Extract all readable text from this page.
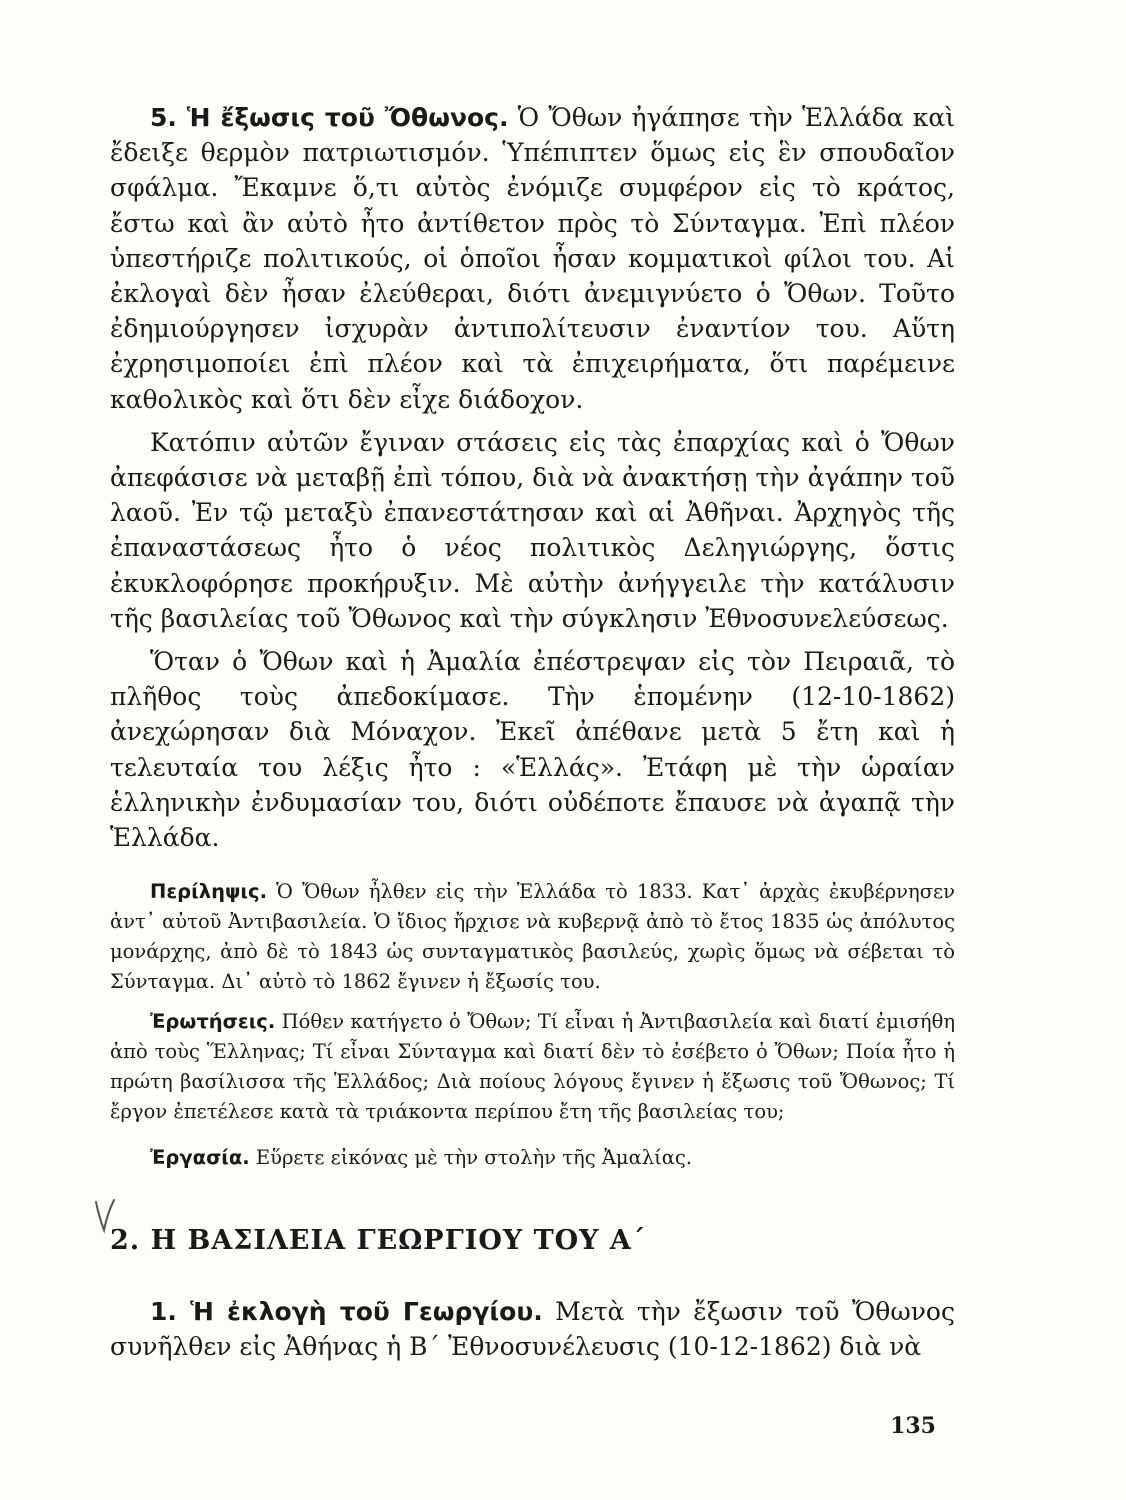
5. Ἡ ἔξωσις τοῦ Ὄθωνος. Ὁ Ὄθων ἠγάπησε τὴν Ἑλλάδα καὶ ἔδειξε θερμὸν πατριωτισμόν. Ὑπέπιπτεν ὅμως εἰς ἓν σπουδαῖον σφάλμα. Ἔκαμνε ὅ,τι αὐτὸς ἐνόμιζε συμφέρον εἰς τὸ κράτος, ἔστω καὶ ἂν αὐτὸ ἦτο ἀντίθετον πρὸς τὸ Σύνταγμα. Ἐπὶ πλέον ὑπεστήριζε πολιτικούς, οἱ ὁποῖοι ἦσαν κομματικοὶ φίλοι του. Αἱ ἐκλογαὶ δὲν ἦσαν ἐλεύθεραι, διότι ἀνεμιγνύετο ὁ Ὄθων. Τοῦτο ἐδημιούργησεν ἰσχυρὰν ἀντιπολίτευσιν ἐναντίον του. Αὕτη ἐχρησιμοποίει ἐπὶ πλέον καὶ τὰ ἐπιχειρήματα, ὅτι παρέμεινε καθολικὸς καὶ ὅτι δὲν εἶχε διάδοχον.

Κατόπιν αὐτῶν ἔγιναν στάσεις εἰς τὰς ἐπαρχίας καὶ ὁ Ὄθων ἀπεφάσισε νὰ μεταβῇ ἐπὶ τόπου, διὰ νὰ ἀνακτήσῃ τὴν ἀγάπην τοῦ λαοῦ. Ἐν τῷ μεταξὺ ἐπανεστάτησαν καὶ αἱ Ἀθῆναι. Ἀρχηγὸς τῆς ἐπαναστάσεως ἦτο ὁ νέος πολιτικὸς Δεληγιώργης, ὅστις ἐκυκλοφόρησε προκήρυξιν. Μὲ αὐτὴν ἀνήγγειλε τὴν κατάλυσιν τῆς βασιλείας τοῦ Ὄθωνος καὶ τὴν σύγκλησιν Ἐθνοσυνελεύσεως.

Ὅταν ὁ Ὄθων καὶ ἡ Ἀμαλία ἐπέστρεψαν εἰς τὸν Πειραιᾶ, τὸ πλῆθος τοὺς ἀπεδοκίμασε. Τὴν ἑπομένην (12-10-1862) ἀνεχώρησαν διὰ Μόναχον. Ἐκεῖ ἀπέθανε μετὰ 5 ἔτη καὶ ἡ τελευταία του λέξις ἦτο : «Ἑλλάς». Ἐτάφη μὲ τὴν ὡραίαν ἑλληνικὴν ἐνδυμασίαν του, διότι οὐδέποτε ἔπαυσε νὰ ἀγαπᾷ τὴν Ἑλλάδα.

Περίληψις. Ὁ Ὄθων ἦλθεν εἰς τὴν Ἑλλάδα τὸ 1833. Κατ᾽ ἀρχὰς ἐκυβέρνησεν ἀντ᾽ αὐτοῦ Ἀντιβασιλεία. Ὁ ἴδιος ἤρχισε νὰ κυβερνᾷ ἀπὸ τὸ ἔτος 1835 ὡς ἀπόλυτος μονάρχης, ἀπὸ δὲ τὸ 1843 ὡς συνταγματικὸς βασιλεύς, χωρὶς ὅμως νὰ σέβεται τὸ Σύνταγμα. Δι᾽ αὐτὸ τὸ 1862 ἔγινεν ἡ ἔξωσίς του.

Ἐρωτήσεις. Πόθεν κατήγετο ὁ Ὄθων; Τί εἶναι ἡ Ἀντιβασιλεία καὶ διατί ἐμισήθη ἀπὸ τοὺς Ἕλληνας; Τί εἶναι Σύνταγμα καὶ διατί δὲν τὸ ἐσέβετο ὁ Ὄθων; Ποία ἦτο ἡ πρώτη βασίλισσα τῆς Ἑλλάδος; Διὰ ποίους λόγους ἔγινεν ἡ ἔξωσις τοῦ Ὄθωνος; Τί ἔργον ἐπετέλεσε κατὰ τὰ τριάκοντα περίπου ἔτη τῆς βασιλείας του;

Ἐργασία. Εὕρετε εἰκόνας μὲ τὴν στολὴν τῆς Ἀμαλίας.

2. Η ΒΑΣΙΛΕΙΑ ΓΕΩΡΓΙΟΥ ΤΟΥ Α΄

1. Ἡ ἐκλογὴ τοῦ Γεωργίου. Μετὰ τὴν ἔξωσιν τοῦ Ὄθωνος συνῆλθεν εἰς Ἀθήνας ἡ Β΄ Ἐθνοσυνέλευσις (10-12-1862) διὰ νὰ

135
